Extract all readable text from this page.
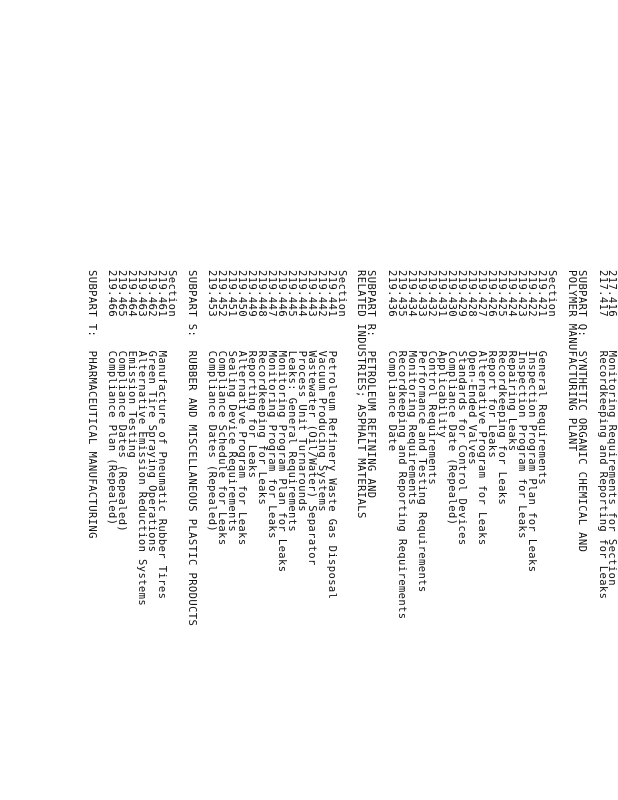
217.416     Monitoring Requirements for Section
217.417     Recordkeeping and Reporting for Leaks
SUBPART Q:  SYNTHETIC ORGANIC CHEMICAL AND
POLYMER MANUFACTURING PLANT
Section
219.421     General Requirements
219.422     Inspection Program Plan for Leaks
219.423     Inspection Program for Leaks
219.424     Repairing Leaks
219.425     Recordkeeping for Leaks
219.426     Report for Leaks
219.427     Alternative Program for Leaks
219.428     Open-Ended Valves
219.429     Standards for Control Devices
219.430     Compliance Date (Repealed)
219.431     Applicability
219.432     Control Requirements
219.433     Performance and Testing Requirements
219.434     Monitoring Requirements
219.435     Recordkeeping and Reporting Requirements
219.436     Compliance Date
SUBPART R:  PETROLEUM REFINING AND
RELATED INDUSTRIES; ASPHALT MATERIALS
Section
219.441     Petroleum Refinery Waste Gas Disposal
219.442     Vacuum Producing Systems
219.443     Wastewater (Oil/Water) Separator
219.444     Process Unit Turnarounds
219.445     Leaks: General Requirements
219.446     Monitoring Program Plan for Leaks
219.447     Monitoring Program for Leaks
219.448     Recordkeeping for Leaks
219.449     Reporting for Leaks
219.450     Alternative Program for Leaks
219.451     Sealing Device Requirements
219.452     Compliance Schedule for Leaks
219.453     Compliance Dates (Repealed)
SUBPART S:  RUBBER AND MISCELLANEOUS PLASTIC PRODUCTS
Section
219.461     Manufacture of Pneumatic Rubber Tires
219.462     Green Tire Spraying Operations
219.463     Alternative Emission Reduction Systems
219.464     Emission Testing
219.465     Compliance Dates (Repealed)
219.466     Compliance Plan (Repealed)
SUBPART T:  PHARMACEUTICAL MANUFACTURING
